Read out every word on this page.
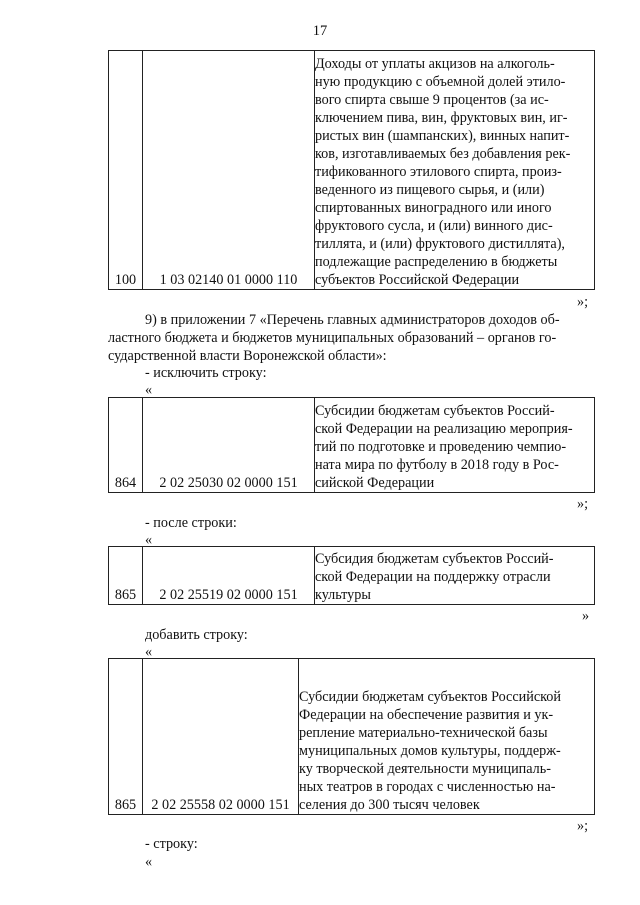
17
100	1 03 02140 01 0000 110	
Доходы от уплаты акцизов на алкоголь-
ную продукцию с объемной долей этило-
вого спирта свыше 9 процентов (за ис-
ключением пива, вин, фруктовых вин, иг-
ристых вин (шампанских), винных напит-
ков, изготавливаемых без добавления рек-
тификованного этилового спирта, произ-
веденного из пищевого сырья, и (или)
спиртованных виноградного или иного
фруктового сусла, и (или) винного дис-
тиллята, и (или) фруктового дистиллята),
подлежащие распределению в бюджеты
субъектов Российской Федерации
»;
9) в приложении 7 «Перечень главных администраторов доходов об-
ластного бюджета и бюджетов муниципальных образований – органов го-
сударственной власти Воронежской области»:
- исключить строку:
«
864	2 02 25030 02 0000 151	
Субсидии бюджетам субъектов Россий-
ской Федерации на реализацию мероприя-
тий по подготовке и проведению чемпио-
ната мира по футболу в 2018 году в Рос-
сийской Федерации
»;
- после строки:
«
865	2 02 25519 02 0000 151	
Субсидия бюджетам субъектов Россий-
ской Федерации на поддержку отрасли
культуры
»
добавить строку:
«
865	2 02 25558 02 0000 151	
Субсидии бюджетам субъектов Российской
Федерации на обеспечение развития и ук-
репление материально-технической базы
муниципальных домов культуры, поддерж-
ку творческой деятельности муниципаль-
ных театров в городах с численностью на-
селения до 300 тысяч человек
»;
- строку:
«
